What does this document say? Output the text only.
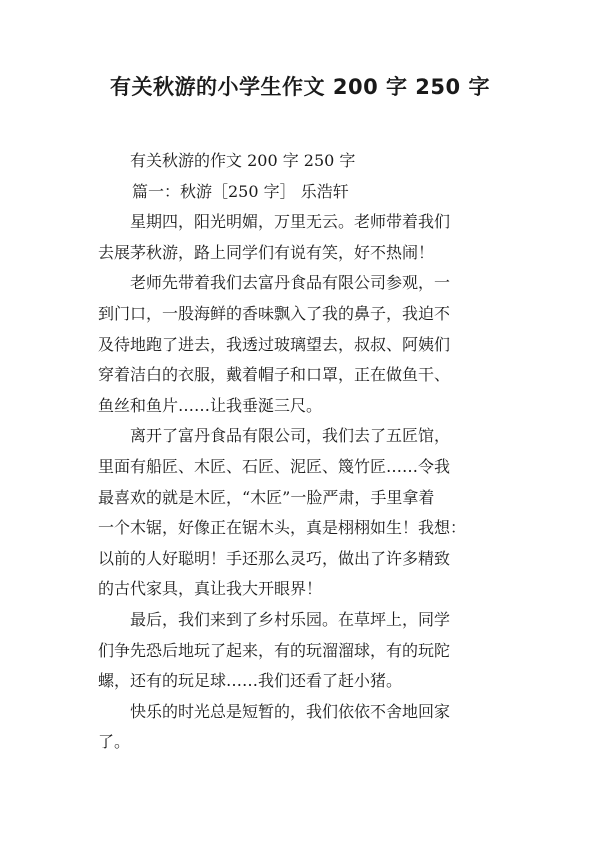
有关秋游的小学生作文 200 字 250 字
有关秋游的作文 200 字 250 字
篇一：秋游［250 字］ 乐浩轩
星期四，阳光明媚，万里无云。老师带着我们
去展茅秋游，路上同学们有说有笑，好不热闹！
老师先带着我们去富丹食品有限公司参观，一
到门口，一股海鲜的香味飘入了我的鼻子，我迫不
及待地跑了进去，我透过玻璃望去，叔叔、阿姨们
穿着洁白的衣服，戴着帽子和口罩，正在做鱼干、
鱼丝和鱼片……让我垂涎三尺。
离开了富丹食品有限公司，我们去了五匠馆，
里面有船匠、木匠、石匠、泥匠、篾竹匠……令我
最喜欢的就是木匠，“木匠”一脸严肃，手里拿着
一个木锯，好像正在锯木头，真是栩栩如生！我想：
以前的人好聪明！手还那么灵巧，做出了许多精致
的古代家具，真让我大开眼界！
最后，我们来到了乡村乐园。在草坪上，同学
们争先恐后地玩了起来，有的玩溜溜球，有的玩陀
螺，还有的玩足球……我们还看了赶小猪。
快乐的时光总是短暂的，我们依依不舍地回家
了。
